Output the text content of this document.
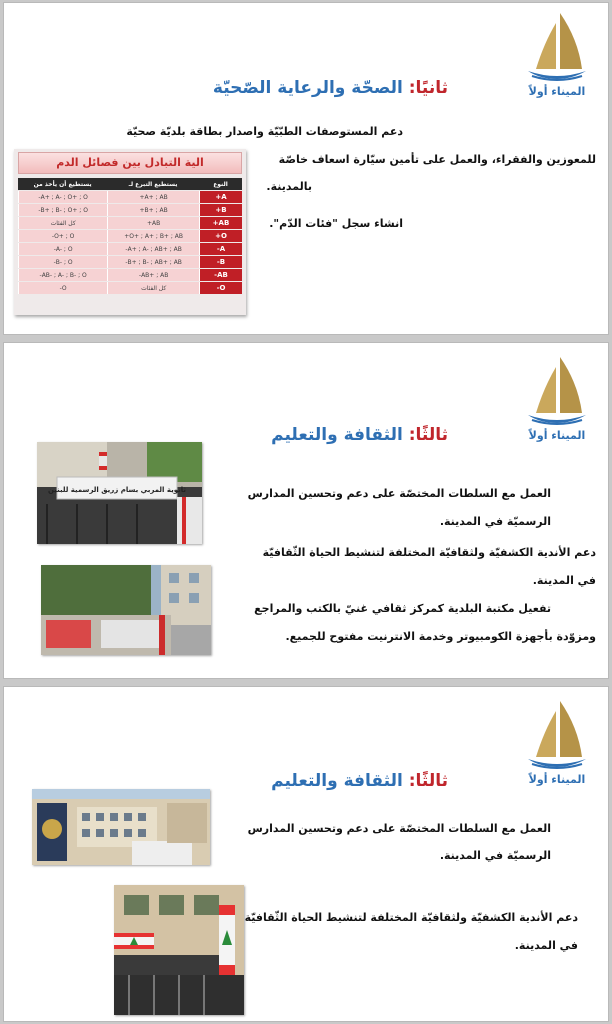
الميناء أولاً
ثانيًا: الصحّة والرعاية الصّحيّة

دعم المستوصفات الطبّيّة واصدار بطاقة بلديّة صحيّة

للمعوزين والفقراء، والعمل على تأمين سيّارة اسعاف خاصّة

بالمدينة.

انشاء سجل "فئات الدّم".

الية التبادل بين فصائل الدم
النوع	يستطيع التبرع لـ	يستطيع أن يأخذ من
A+	A+ ; AB+	A+ ; A- ; O+ ; O-
B+	B+ ; AB+	B+ ; B- ; O+ ; O-
AB+	AB+	كل الفئات
O+	O+ ; A+ ; B+ ; AB+	O+ ; O-
A-	A+ ; A- ; AB+ ; AB-	A- ; O-
B-	B+ ; B- ; AB+ ; AB-	B- ; O-
AB-	AB+ ; AB-	AB- ; A- ; B- ; O-
O-	كل الفئات	O-
الميناء أولاً
ثالثًا: الثقافة والتعليم
ثانوية المربي بسام زريق الرسمية للبنين	العمل مع السلطات المختصّة على دعم وتحسين المدارس

الرسميّة في المدينة.

دعم الأندية الكشفيّة ولثقافيّة المختلفة لتنشيط الحياة الثّقافيّة

في المدينة.

تفعيل مكتبة البلدية كمركز ثقافي غنيّ بالكتب والمراجع

ومزوّدة بأجهزة الكومبيوتر وخدمة الانترنيت مفتوح للجميع.

الميناء أولاً
ثالثًا: الثقافة والتعليم

العمل مع السلطات المختصّة على دعم وتحسين المدارس

الرسميّة في المدينة.

دعم الأندية الكشفيّة ولثقافيّة المختلفة لتنشيط الحياة الثّقافيّة

في المدينة.
